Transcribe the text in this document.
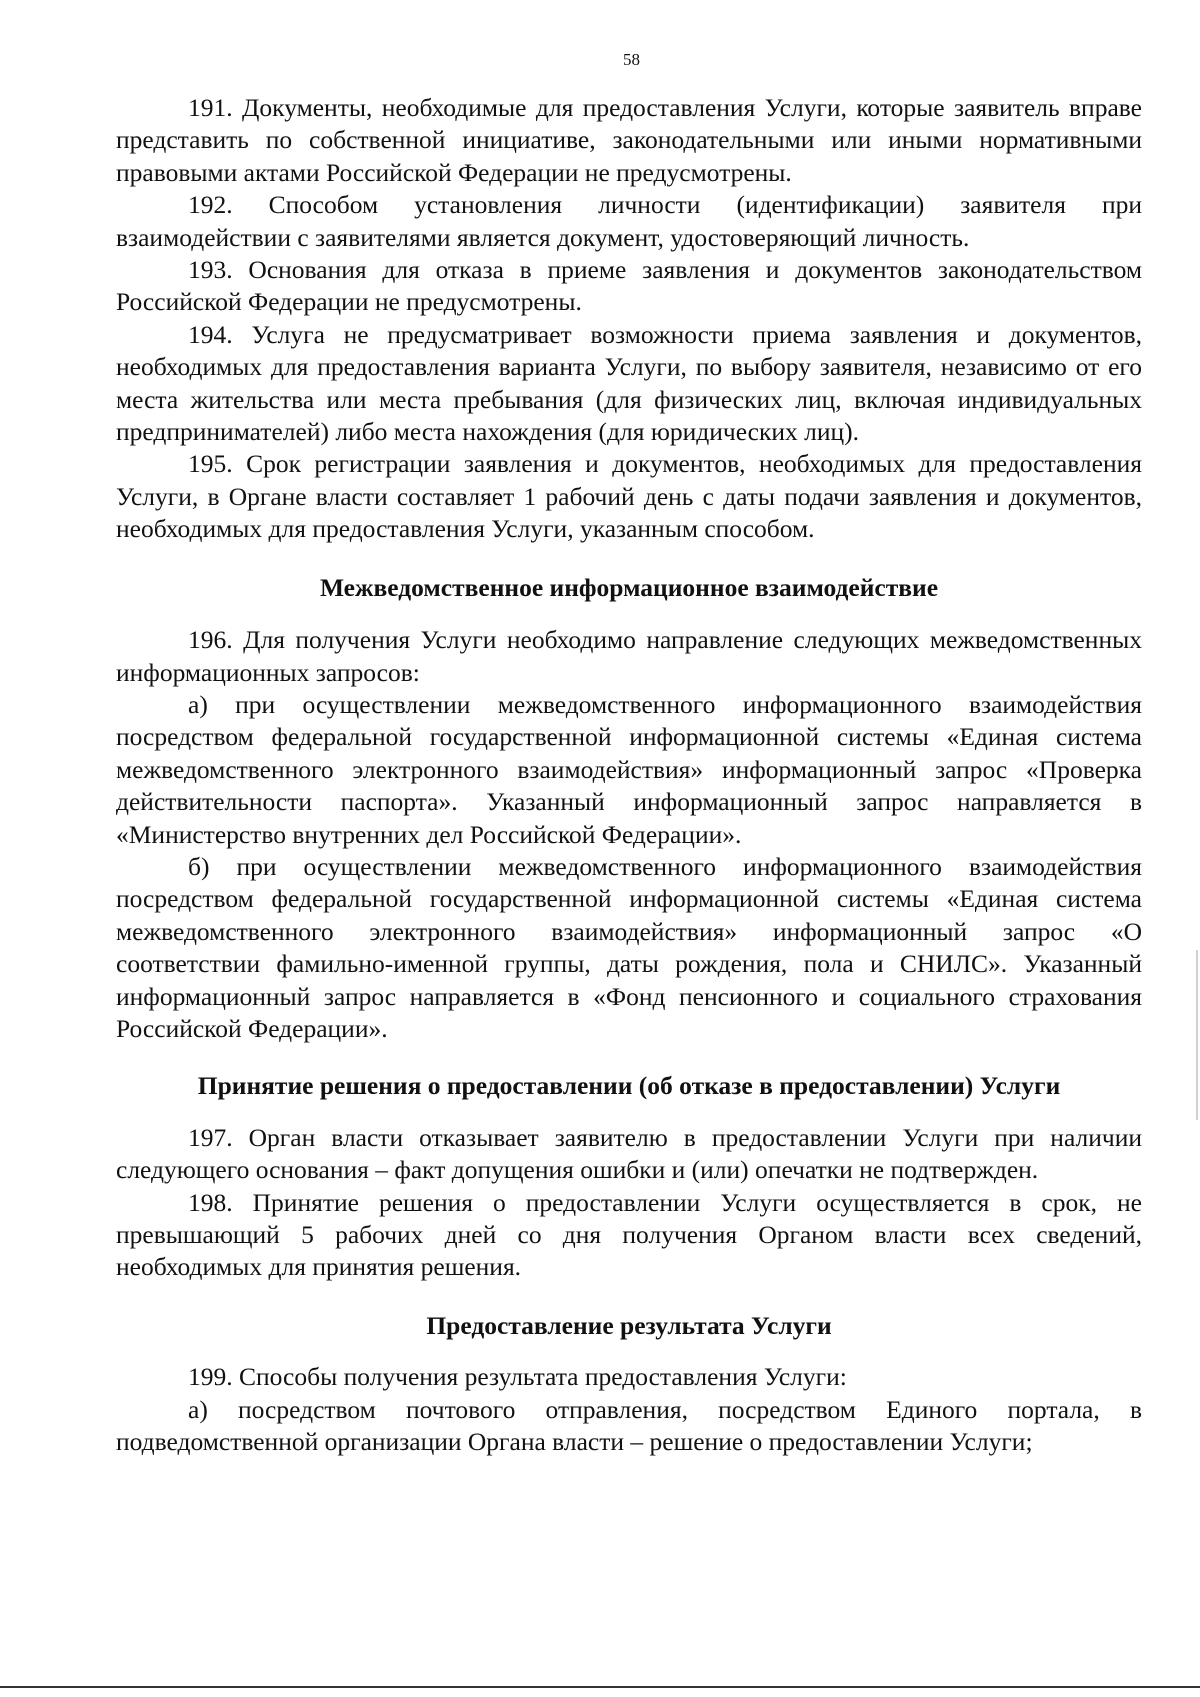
58

191. Документы, необходимые для предоставления Услуги, которые заявитель вправе представить по собственной инициативе, законодательными или иными нормативными правовыми актами Российской Федерации не предусмотрены.

192. Способом установления личности (идентификации) заявителя при взаимодействии с заявителями является документ, удостоверяющий личность.

193. Основания для отказа в приеме заявления и документов законодательством Российской Федерации не предусмотрены.

194. Услуга не предусматривает возможности приема заявления и документов, необходимых для предоставления варианта Услуги, по выбору заявителя, независимо от его места жительства или места пребывания (для физических лиц, включая индивидуальных предпринимателей) либо места нахождения (для юридических лиц).

195. Срок регистрации заявления и документов, необходимых для предоставления Услуги, в Органе власти составляет 1 рабочий день с даты подачи заявления и документов, необходимых для предоставления Услуги, указанным способом.

Межведомственное информационное взаимодействие

196. Для получения Услуги необходимо направление следующих межведомственных информационных запросов:

а) при осуществлении межведомственного информационного взаимодействия посредством федеральной государственной информационной системы «Единая система межведомственного электронного взаимодействия» информационный запрос «Проверка действительности паспорта». Указанный информационный запрос направляется в «Министерство внутренних дел Российской Федерации».

б) при осуществлении межведомственного информационного взаимодействия посредством федеральной государственной информационной системы «Единая система межведомственного электронного взаимодействия» информационный запрос «О соответствии фамильно-именной группы, даты рождения, пола и СНИЛС». Указанный информационный запрос направляется в «Фонд пенсионного и социального страхования Российской Федерации».

Принятие решения о предоставлении (об отказе в предоставлении) Услуги

197. Орган власти отказывает заявителю в предоставлении Услуги при наличии следующего основания – факт допущения ошибки и (или) опечатки не подтвержден.

198. Принятие решения о предоставлении Услуги осуществляется в срок, не превышающий 5 рабочих дней со дня получения Органом власти всех сведений, необходимых для принятия решения.

Предоставление результата Услуги

199. Способы получения результата предоставления Услуги:

а) посредством почтового отправления, посредством Единого портала, в подведомственной организации Органа власти – решение о предоставлении Услуги;
